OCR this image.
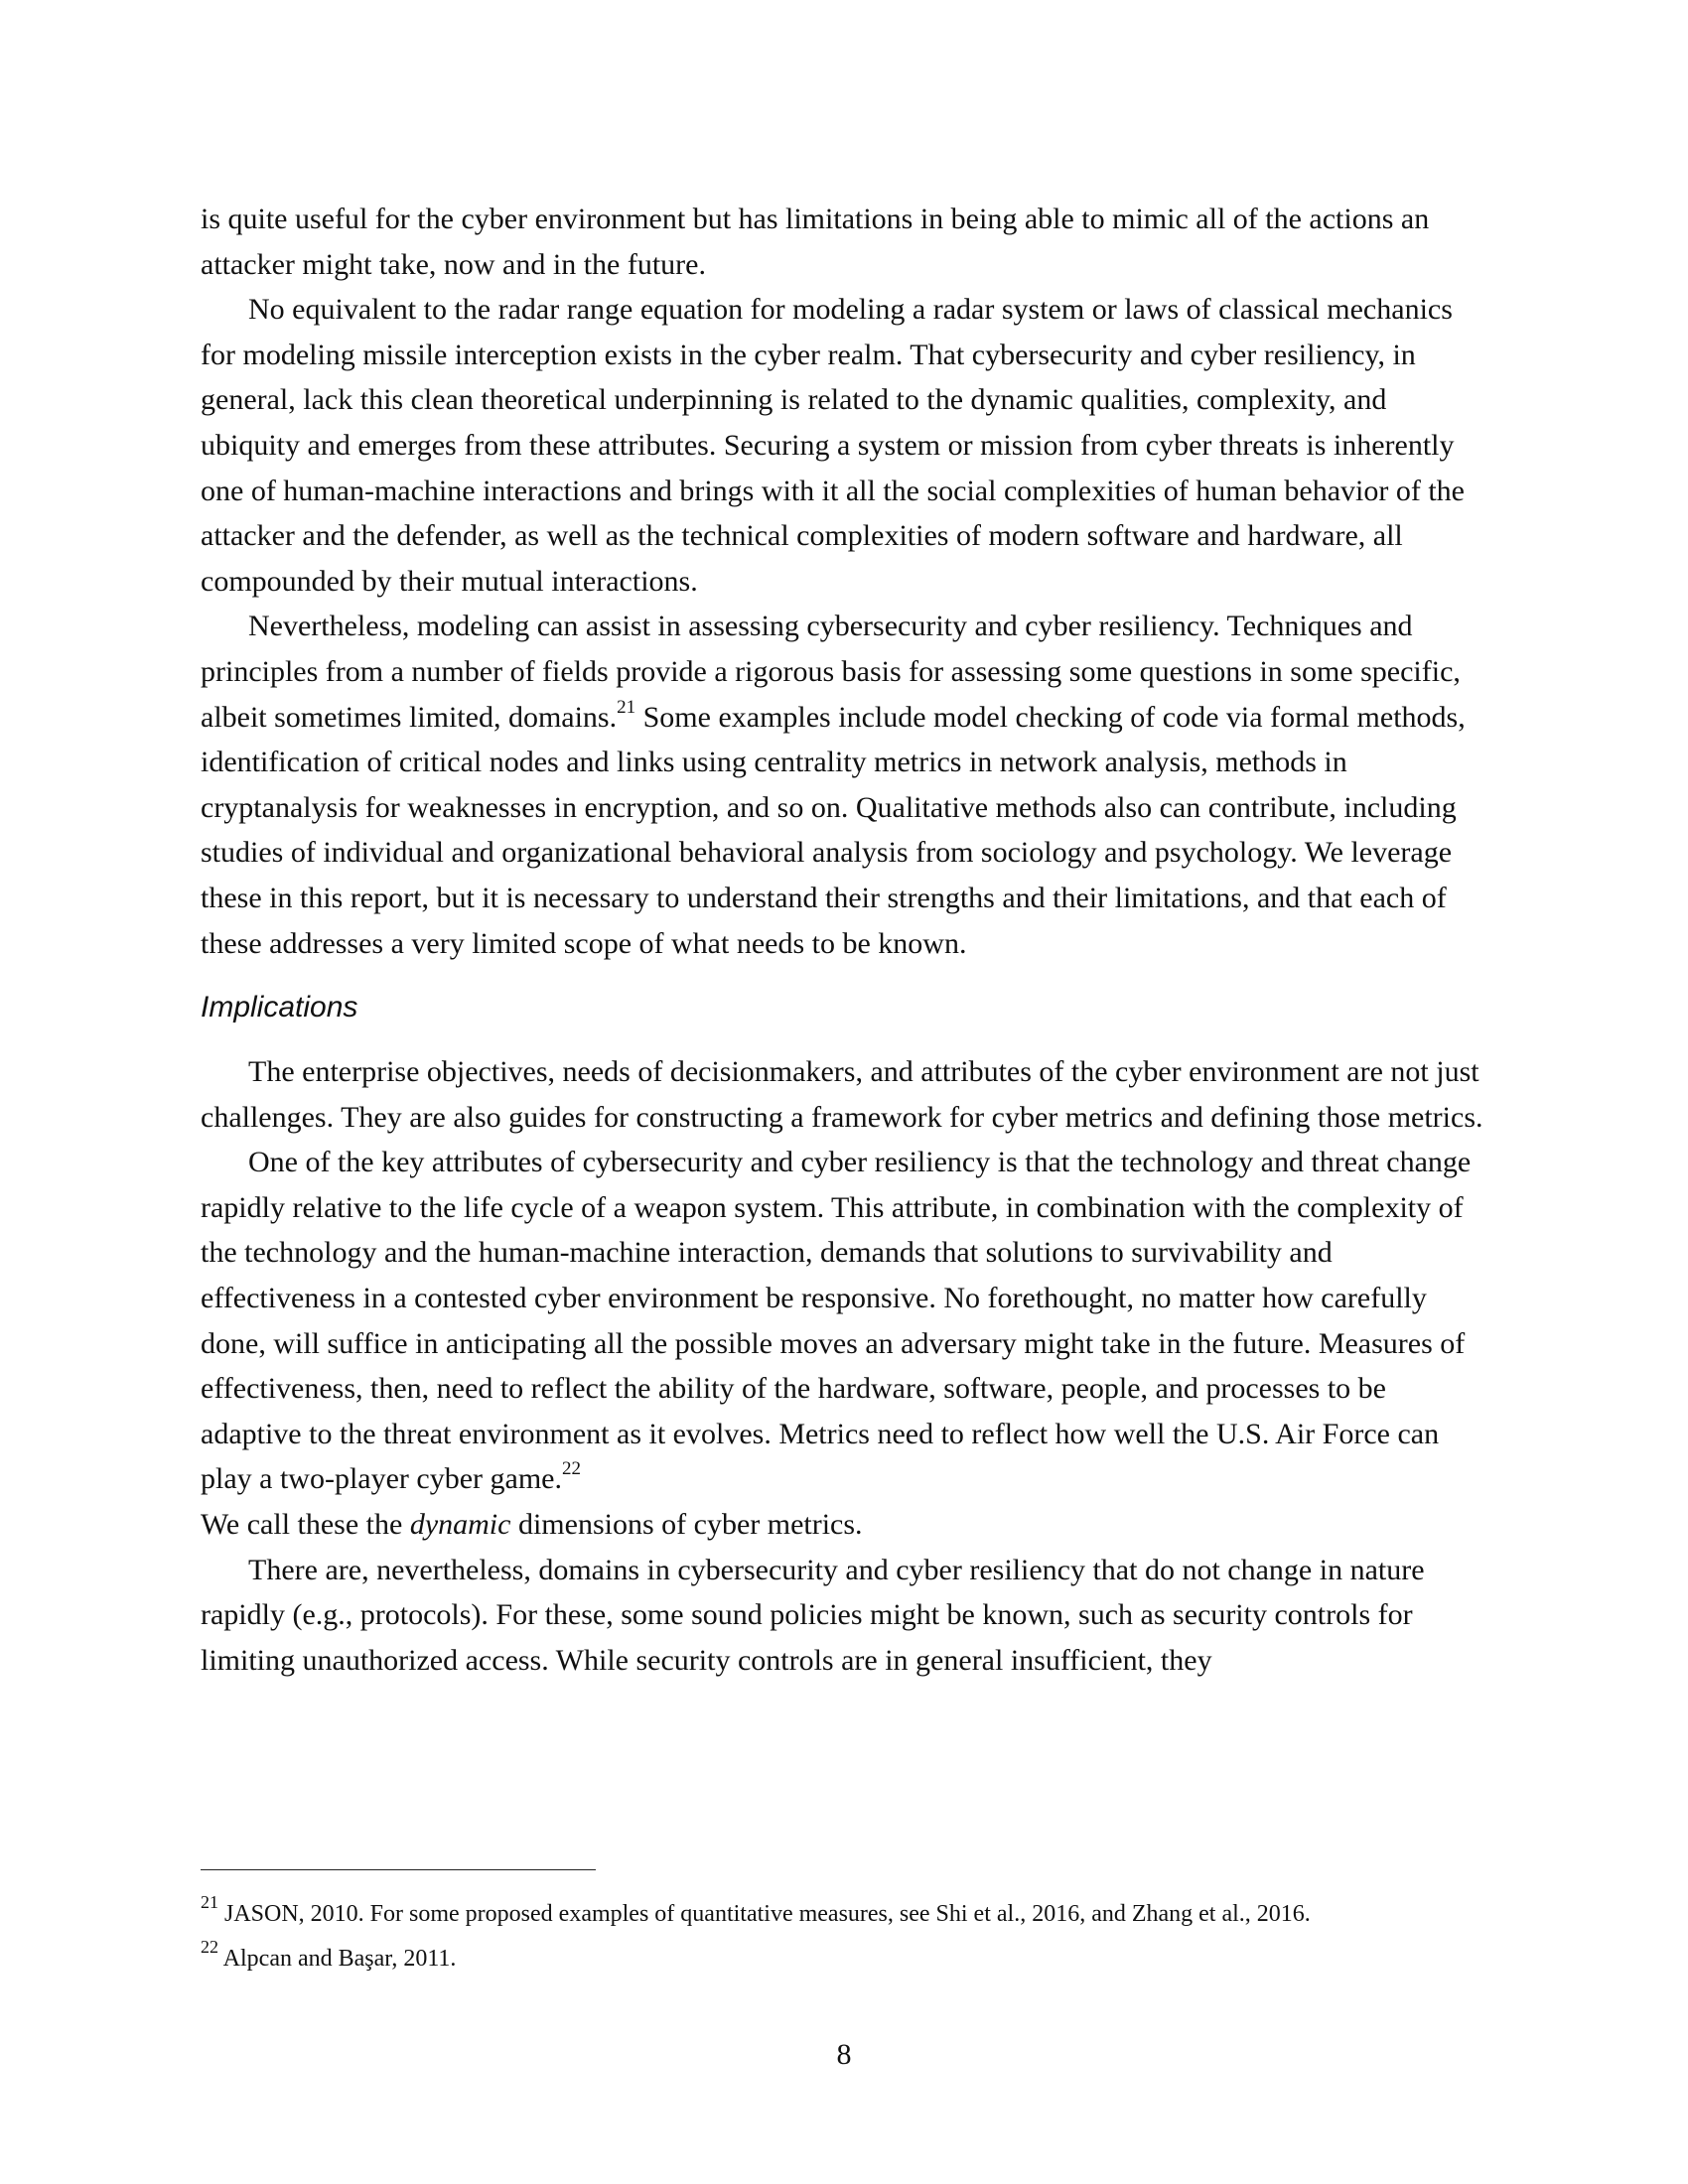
is quite useful for the cyber environment but has limitations in being able to mimic all of the actions an attacker might take, now and in the future.

No equivalent to the radar range equation for modeling a radar system or laws of classical mechanics for modeling missile interception exists in the cyber realm. That cybersecurity and cyber resiliency, in general, lack this clean theoretical underpinning is related to the dynamic qualities, complexity, and ubiquity and emerges from these attributes. Securing a system or mission from cyber threats is inherently one of human-machine interactions and brings with it all the social complexities of human behavior of the attacker and the defender, as well as the technical complexities of modern software and hardware, all compounded by their mutual interactions.

Nevertheless, modeling can assist in assessing cybersecurity and cyber resiliency. Techniques and principles from a number of fields provide a rigorous basis for assessing some questions in some specific, albeit sometimes limited, domains.$^{21}$ Some examples include model checking of code via formal methods, identification of critical nodes and links using centrality metrics in network analysis, methods in cryptanalysis for weaknesses in encryption, and so on. Qualitative methods also can contribute, including studies of individual and organizational behavioral analysis from sociology and psychology. We leverage these in this report, but it is necessary to understand their strengths and their limitations, and that each of these addresses a very limited scope of what needs to be known.

Implications

The enterprise objectives, needs of decisionmakers, and attributes of the cyber environment are not just challenges. They are also guides for constructing a framework for cyber metrics and defining those metrics.

One of the key attributes of cybersecurity and cyber resiliency is that the technology and threat change rapidly relative to the life cycle of a weapon system. This attribute, in combination with the complexity of the technology and the human-machine interaction, demands that solutions to survivability and effectiveness in a contested cyber environment be responsive. No forethought, no matter how carefully done, will suffice in anticipating all the possible moves an adversary might take in the future. Measures of effectiveness, then, need to reflect the ability of the hardware, software, people, and processes to be adaptive to the threat environment as it evolves. Metrics need to reflect how well the U.S. Air Force can play a two-player cyber game.$^{22}$
We call these the dynamic dimensions of cyber metrics.

There are, nevertheless, domains in cybersecurity and cyber resiliency that do not change in nature rapidly (e.g., protocols). For these, some sound policies might be known, such as security controls for limiting unauthorized access. While security controls are in general insufficient, they

$^{21}$ JASON, 2010. For some proposed examples of quantitative measures, see Shi et al., 2016, and Zhang et al., 2016.

$^{22}$ Alpcan and Başar, 2011.

8
